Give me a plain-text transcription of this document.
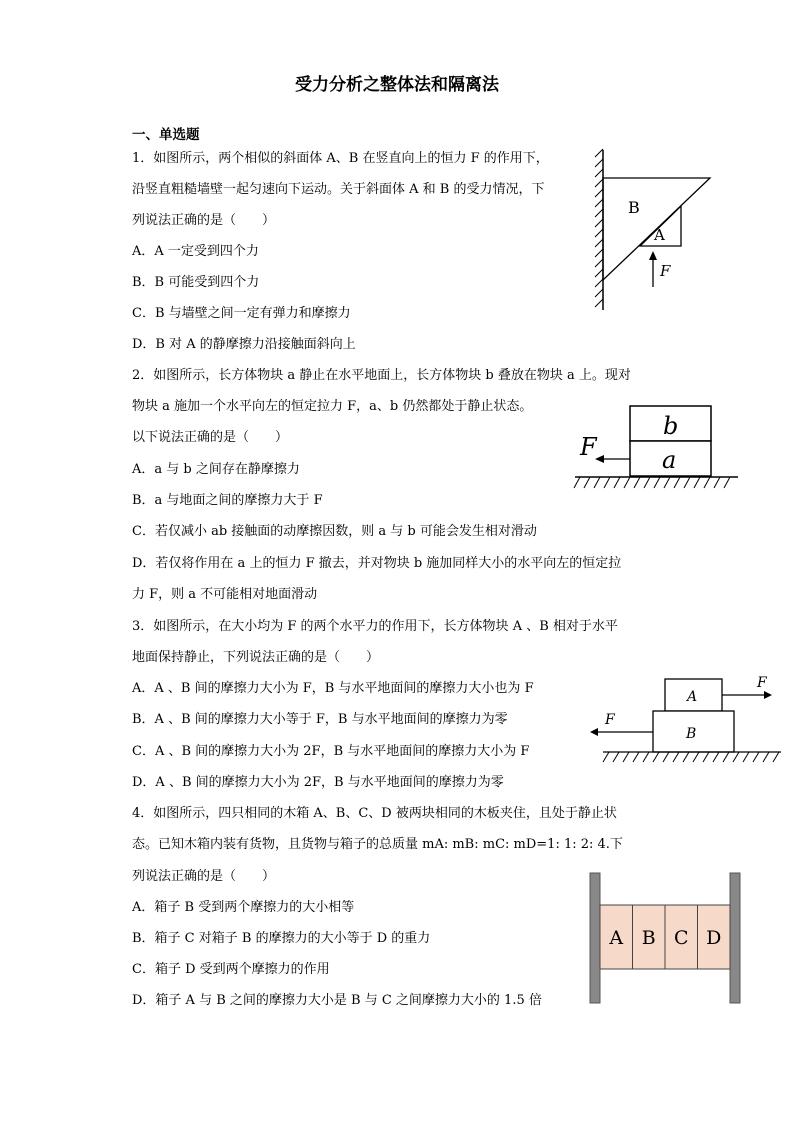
受力分析之整体法和隔离法
一、单选题
1．如图所示，两个相似的斜面体 A、B 在竖直向上的恒力 F 的作用下，
沿竖直粗糙墙壁一起匀速向下运动。关于斜面体 A 和 B 的受力情况，下
列说法正确的是（　　）
A．A 一定受到四个力
B．B 可能受到四个力
C．B 与墙壁之间一定有弹力和摩擦力
D．B 对 A 的静摩擦力沿接触面斜向上
B
A
F
2．如图所示，长方体物块 a 静止在水平地面上，长方体物块 b 叠放在物块 a 上。现对
物块 a 施加一个水平向左的恒定拉力 F，a、b 仍然都处于静止状态。
以下说法正确的是（　　）
A．a 与 b 之间存在静摩擦力
B．a 与地面之间的摩擦力大于 F
C．若仅减小 ab 接触面的动摩擦因数，则 a 与 b 可能会发生相对滑动
D．若仅将作用在 a 上的恒力 F 撤去，并对物块 b 施加同样大小的水平向左的恒定拉
力 F，则 a 不可能相对地面滑动
b
a
F
3．如图所示，在大小均为 F 的两个水平力的作用下，长方体物块 A 、B 相对于水平
地面保持静止，下列说法正确的是（　　）
A．A 、B 间的摩擦力大小为 F，B 与水平地面间的摩擦力大小也为 F
B．A 、B 间的摩擦力大小等于 F，B 与水平地面间的摩擦力为零
C．A 、B 间的摩擦力大小为 2F，B 与水平地面间的摩擦力大小为 F
D．A 、B 间的摩擦力大小为 2F，B 与水平地面间的摩擦力为零
A
B
F
F
4．如图所示，四只相同的木箱 A、B、C、D 被两块相同的木板夹住，且处于静止状
态。已知木箱内装有货物，且货物与箱子的总质量 mA: mB: mC: mD=1: 1: 2: 4.下
列说法正确的是（　　）
A．箱子 B 受到两个摩擦力的大小相等
B．箱子 C 对箱子 B 的摩擦力的大小等于 D 的重力
C．箱子 D 受到两个摩擦力的作用
D．箱子 A 与 B 之间的摩擦力大小是 B 与 C 之间摩擦力大小的 1.5 倍
A B C D
